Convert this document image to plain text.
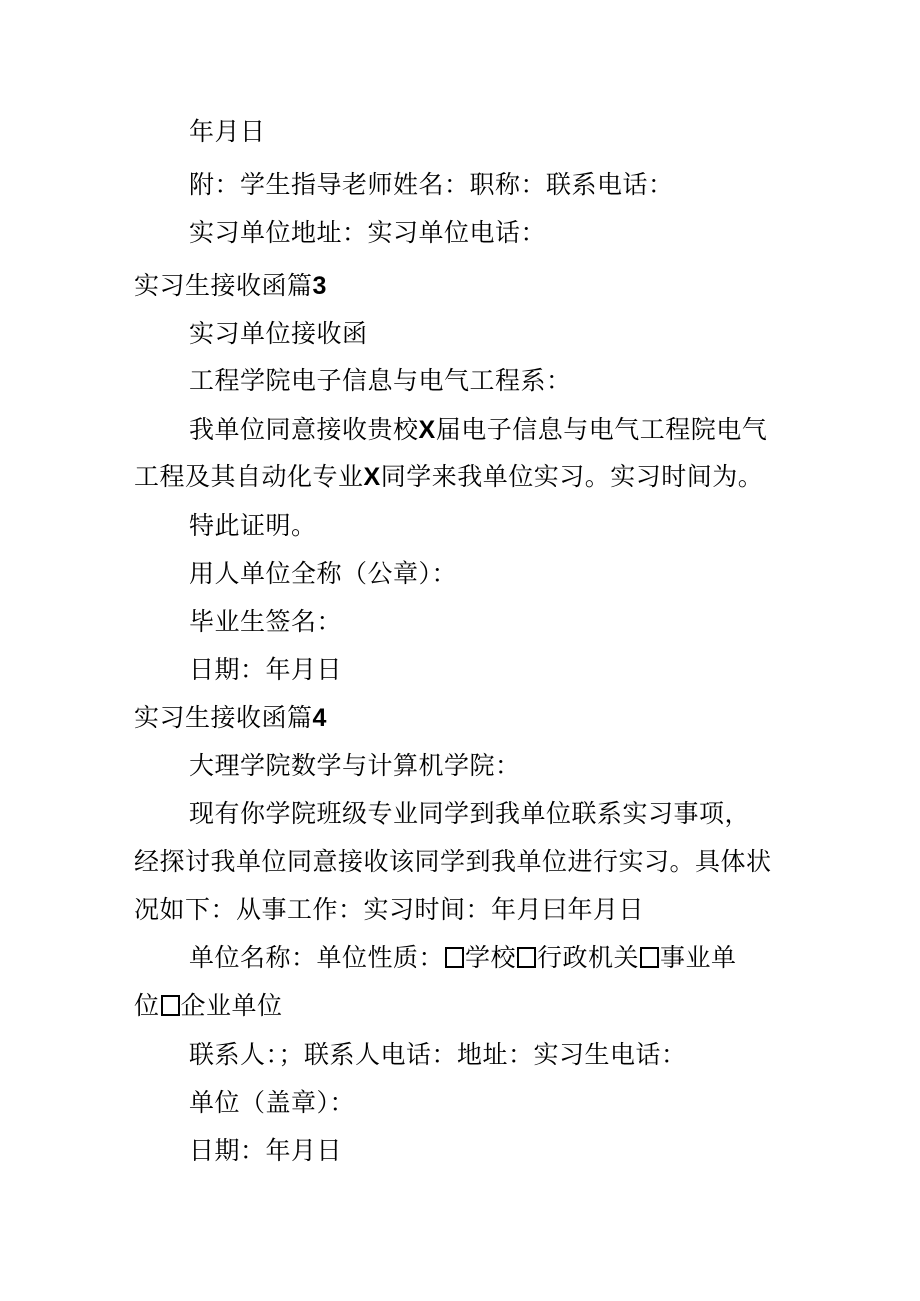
年月日
附：学生指导老师姓名：职称：联系电话：
实习单位地址：实习单位电话：
实习生接收函篇3
实习单位接收函
工程学院电子信息与电气工程系：
我单位同意接收贵校X届电子信息与电气工程院电气
工程及其自动化专业X同学来我单位实习。实习时间为。
特此证明。
用人单位全称（公章）：
毕业生签名：
日期：年月日
实习生接收函篇4
大理学院数学与计算机学院：
现有你学院班级专业同学到我单位联系实习事项，
经探讨我单位同意接收该同学到我单位进行实习。具体状
况如下：从事工作：实习时间：年月曰年月日
单位名称：单位性质： 学校 行政机关 事业单
位 企业单位
联系人：；联系人电话：地址：实习生电话：
单位（盖章）：
日期：年月日
